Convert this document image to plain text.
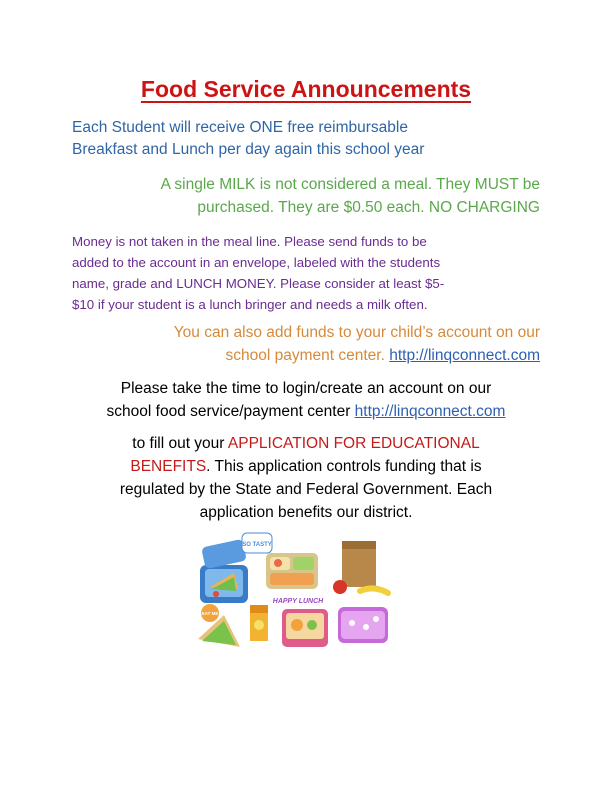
Food Service Announcements

Each Student will receive ONE free reimbursable
Breakfast and Lunch per day again this school year

A single MILK is not considered a meal. They MUST be
purchased. They are $0.50 each. NO CHARGING

Money is not taken in the meal line. Please send funds to be
added to the account in an envelope, labeled with the students
name, grade and LUNCH MONEY. Please consider at least $5-
$10 if your student is a lunch bringer and needs a milk often.

You can also add funds to your child’s account on our
school payment center. http://linqconnect.com

Please take the time to login/create an account on our
school food service/payment center http://linqconnect.com

to fill out your APPLICATION FOR EDUCATIONAL
BENEFITS. This application controls funding that is
regulated by the State and Federal Government. Each
application benefits our district.

SO TASTY
HAPPY LUNCH
EAT ME
